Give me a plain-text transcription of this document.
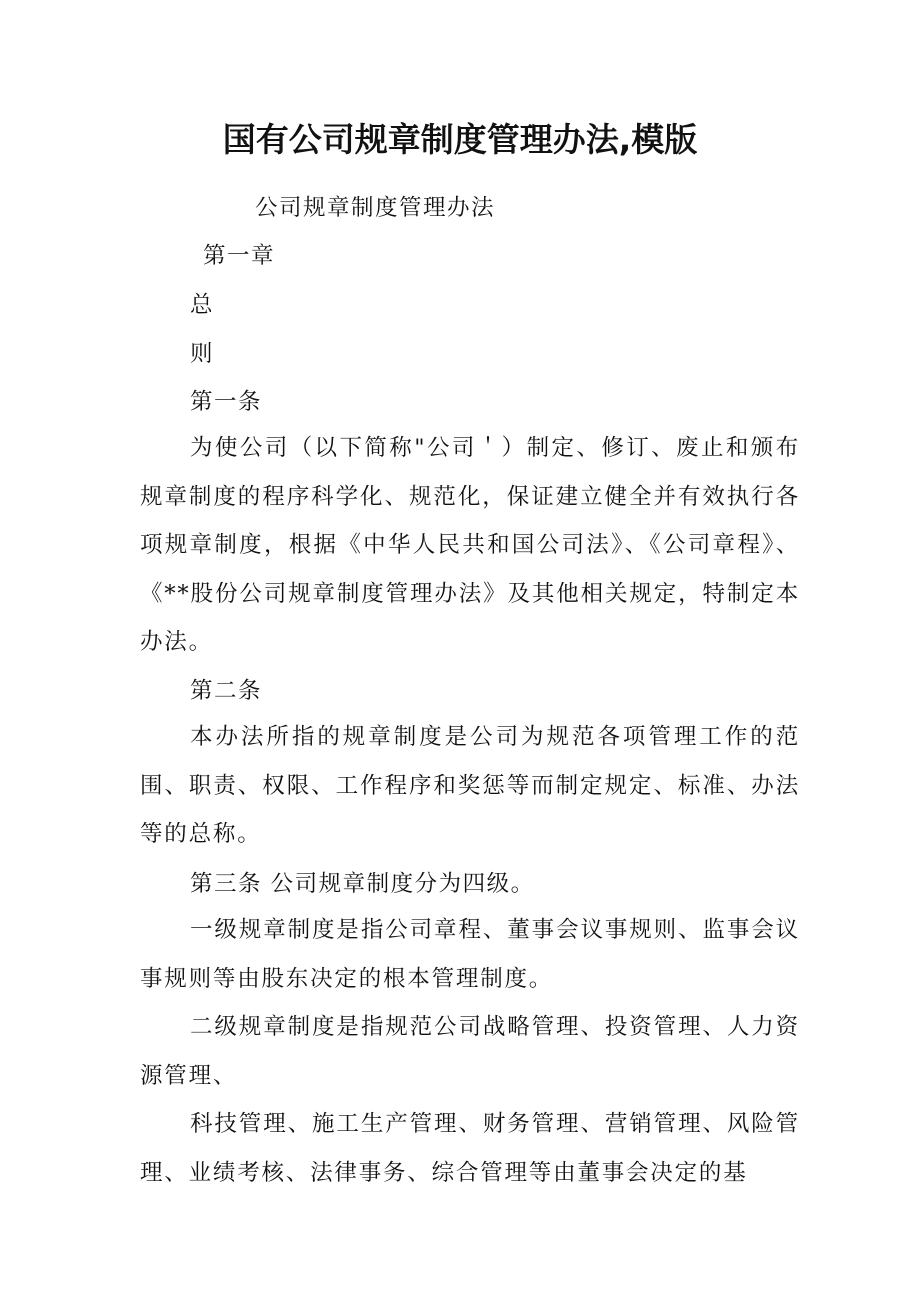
国有公司规章制度管理办法,模版
公司规章制度管理办法
第一章
总
则
第一条

为使公司（以下简称"公司＇）制定、修订、废止和颁布规章制度的程序科学化、规范化，保证建立健全并有效执行各项规章制度，根据《中华人民共和国公司法》、《公司章程》、《**股份公司规章制度管理办法》及其他相关规定，特制定本办法。

第二条

本办法所指的规章制度是公司为规范各项管理工作的范围、职责、权限、工作程序和奖惩等而制定规定、标准、办法等的总称。

第三条 公司规章制度分为四级。

一级规章制度是指公司章程、董事会议事规则、监事会议事规则等由股东决定的根本管理制度。

二级规章制度是指规范公司战略管理、投资管理、人力资源管理、

科技管理、施工生产管理、财务管理、营销管理、风险管理、业绩考核、法律事务、综合管理等由董事会决定的基
